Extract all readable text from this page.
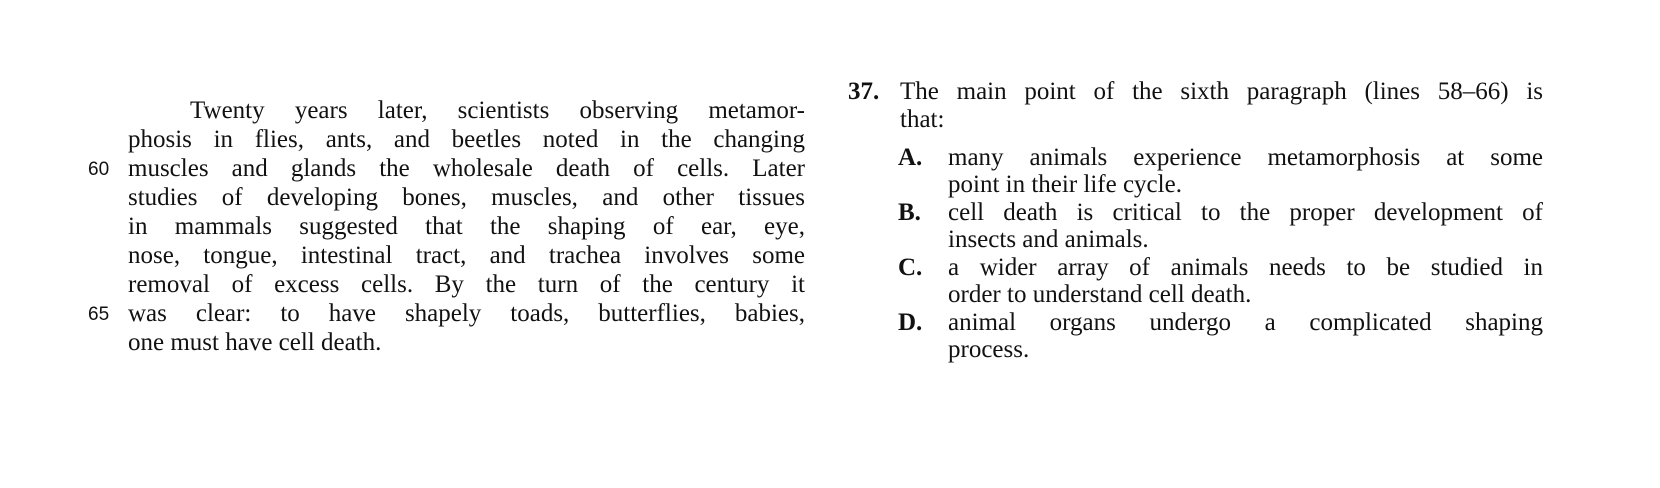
Twenty years later, scientists observing metamor-
phosis in flies, ants, and beetles noted in the changing
60 muscles and glands the wholesale death of cells. Later
studies of developing bones, muscles, and other tissues
in mammals suggested that the shaping of ear, eye,
nose, tongue, intestinal tract, and trachea involves some
removal of excess cells. By the turn of the century it
65 was clear: to have shapely toads, butterflies, babies,
one must have cell death.
37. The main point of the sixth paragraph (lines 58–66) is
that:
A. many animals experience metamorphosis at some
point in their life cycle.
B. cell death is critical to the proper development of
insects and animals.
C. a wider array of animals needs to be studied in
order to understand cell death.
D. animal organs undergo a complicated shaping
process.
